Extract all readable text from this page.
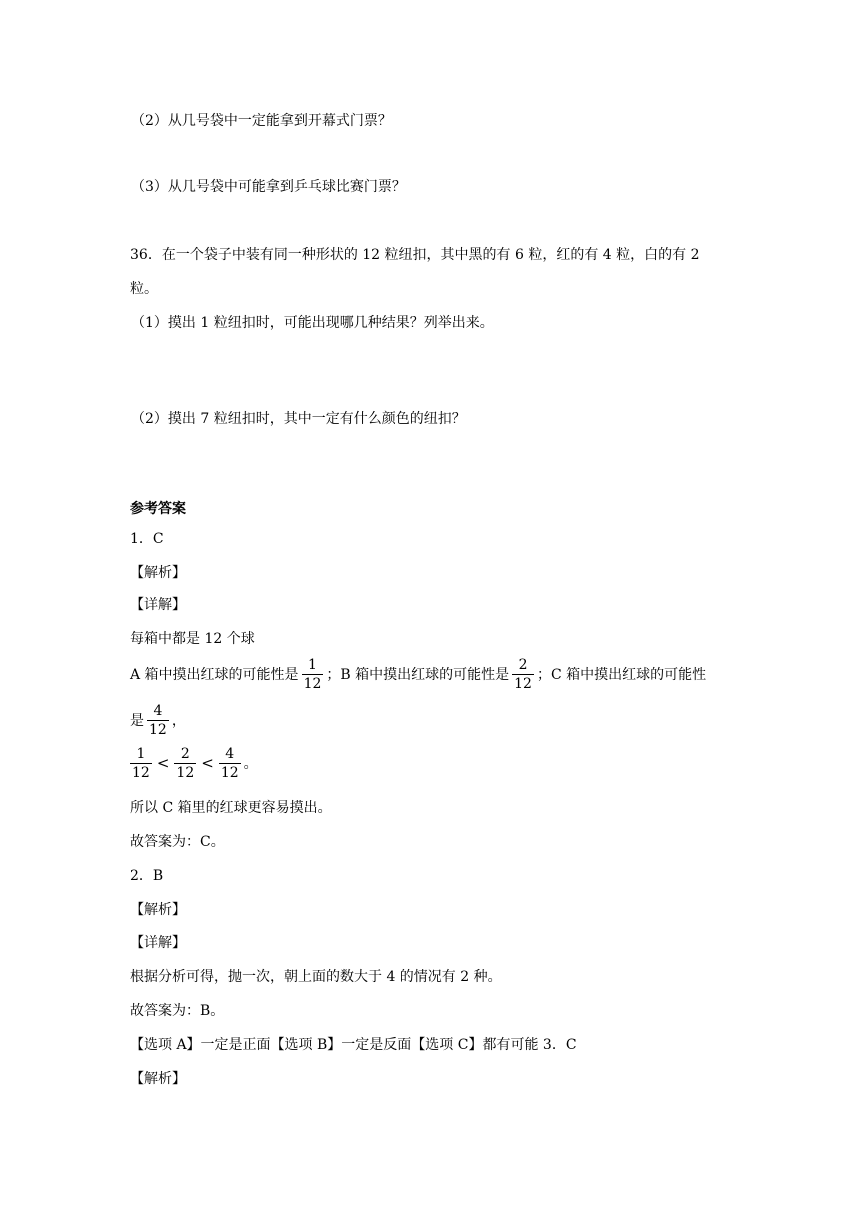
（2）从几号袋中一定能拿到开幕式门票？
（3）从几号袋中可能拿到乒乓球比赛门票？
36．在一个袋子中装有同一种形状的 12 粒纽扣，其中黑的有 6 粒，红的有 4 粒，白的有 2
粒。
（1）摸出 1 粒纽扣时，可能出现哪几种结果？列举出来。
（2）摸出 7 粒纽扣时，其中一定有什么颜色的纽扣？
参考答案
1．C
【解析】
【详解】
每箱中都是 12 个球
A 箱中摸出红球的可能性是 $\frac{1}{12}$ ；B 箱中摸出红球的可能性是 $\frac{2}{12}$ ；C 箱中摸出红球的可能性
是 $\frac{4}{12}$ ，
$\frac{1}{12} < \frac{2}{12} < \frac{4}{12}$ 。
所以 C 箱里的红球更容易摸出。
故答案为：C。
2．B
【解析】
【详解】
根据分析可得，抛一次，朝上面的数大于 4 的情况有 2 种。
故答案为：B。
【选项 A】一定是正面【选项 B】一定是反面【选项 C】都有可能 3．C
【解析】
